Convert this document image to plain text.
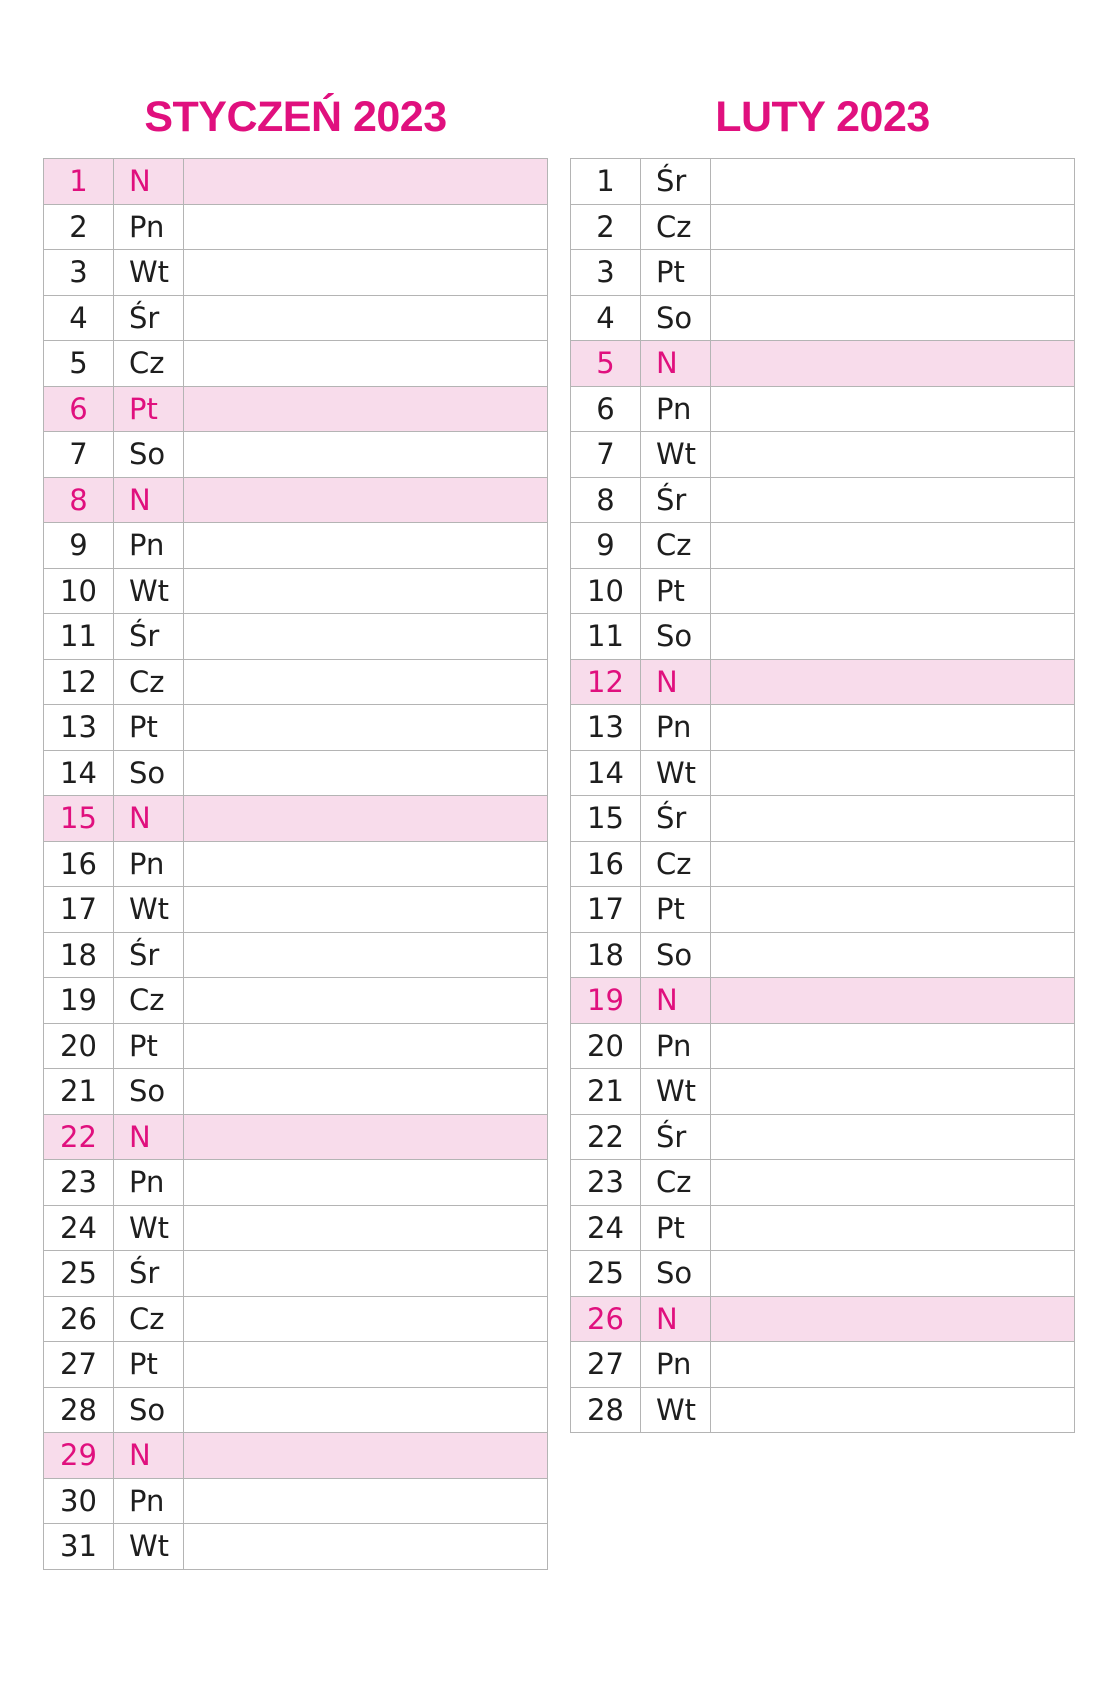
STYCZEŃ 2023
1	N	
2	Pn	
3	Wt	
4	Śr	
5	Cz	
6	Pt	
7	So	
8	N	
9	Pn	
10	Wt	
11	Śr	
12	Cz	
13	Pt	
14	So	
15	N	
16	Pn	
17	Wt	
18	Śr	
19	Cz	
20	Pt	
21	So	
22	N	
23	Pn	
24	Wt	
25	Śr	
26	Cz	
27	Pt	
28	So	
29	N	
30	Pn	
31	Wt	
LUTY 2023
1	Śr	
2	Cz	
3	Pt	
4	So	
5	N	
6	Pn	
7	Wt	
8	Śr	
9	Cz	
10	Pt	
11	So	
12	N	
13	Pn	
14	Wt	
15	Śr	
16	Cz	
17	Pt	
18	So	
19	N	
20	Pn	
21	Wt	
22	Śr	
23	Cz	
24	Pt	
25	So	
26	N	
27	Pn	
28	Wt	
